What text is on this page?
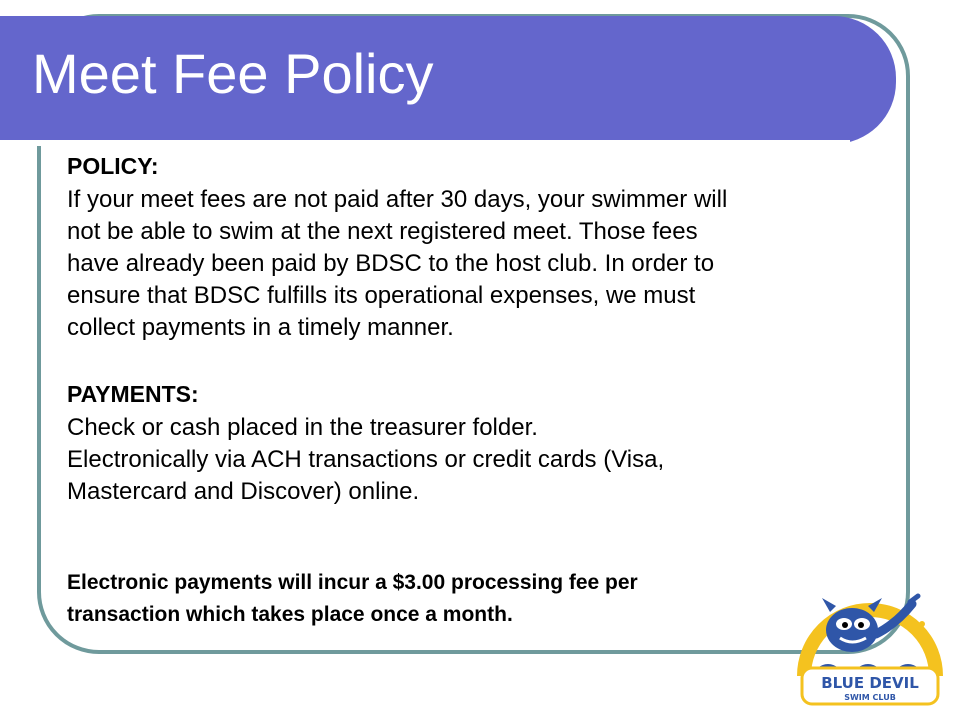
Meet Fee Policy

POLICY:

If your meet fees are not paid after 30 days, your swimmer will
not be able to swim at the next registered meet. Those fees
have already been paid by BDSC to the host club. In order to
ensure that BDSC fulfills its operational expenses, we must
collect payments in a timely manner.

PAYMENTS:

Check or cash placed in the treasurer folder.
Electronically via ACH transactions or credit cards (Visa,
Mastercard and Discover) online.
Electronic payments will incur a $3.00 processing fee per
transaction which takes place once a month.
BLUE DEVIL
SWIM CLUB
